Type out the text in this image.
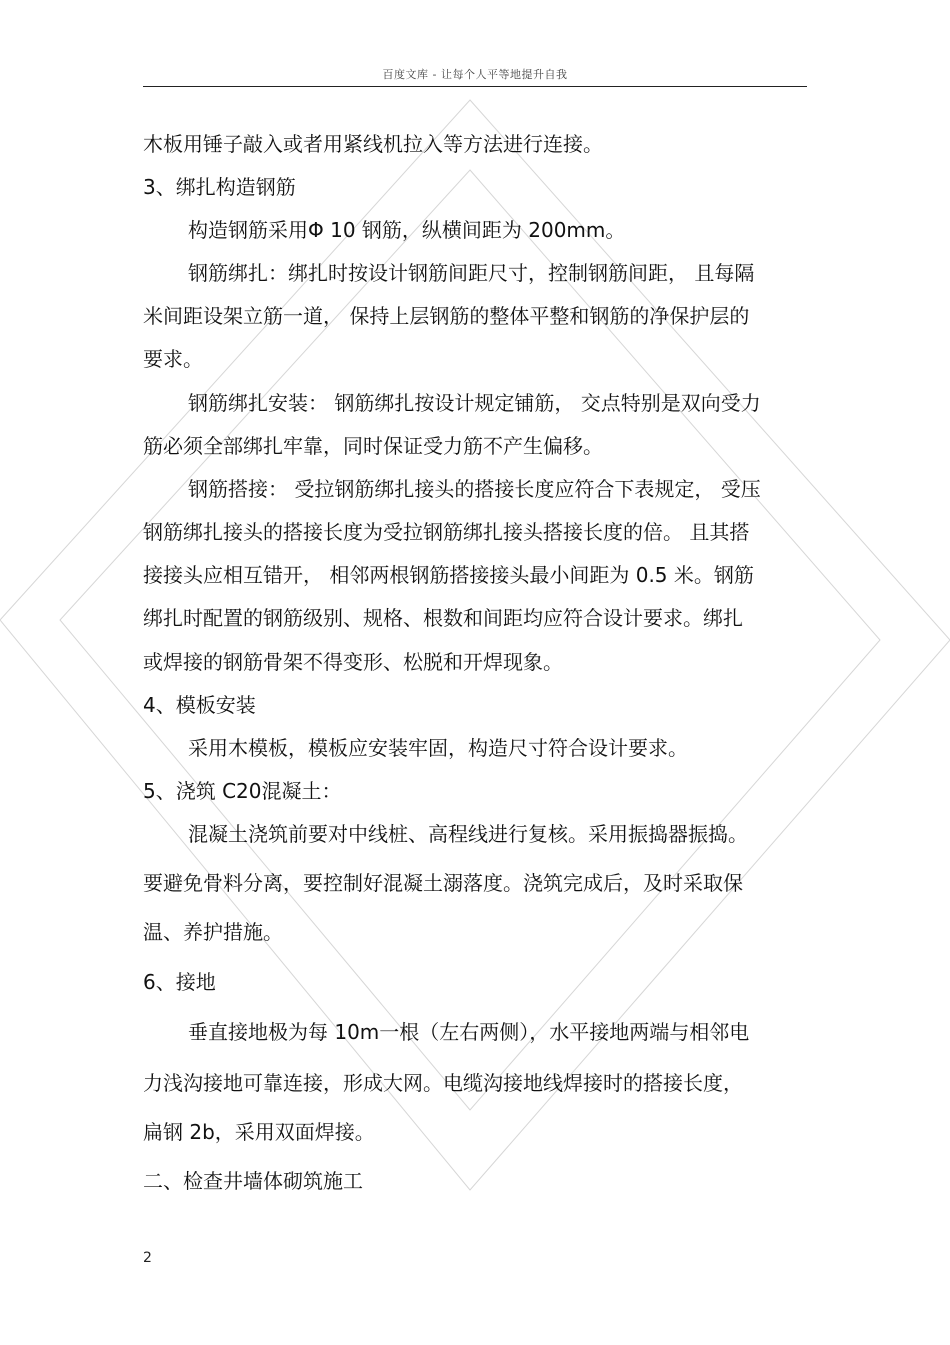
百度文库 - 让每个人平等地提升自我
木板用锤子敲入或者用紧线机拉入等方法进行连接。
3、绑扎构造钢筋
构造钢筋采用Φ 10 钢筋，纵横间距为 200mm。
钢筋绑扎：绑扎时按设计钢筋间距尺寸，控制钢筋间距， 且每隔
米间距设架立筋一道， 保持上层钢筋的整体平整和钢筋的净保护层的
要求。
钢筋绑扎安装： 钢筋绑扎按设计规定铺筋， 交点特别是双向受力
筋必须全部绑扎牢靠，同时保证受力筋不产生偏移。
钢筋搭接： 受拉钢筋绑扎接头的搭接长度应符合下表规定， 受压
钢筋绑扎接头的搭接长度为受拉钢筋绑扎接头搭接长度的倍。 且其搭
接接头应相互错开， 相邻两根钢筋搭接接头最小间距为 0.5 米。钢筋
绑扎时配置的钢筋级别、规格、根数和间距均应符合设计要求。绑扎
或焊接的钢筋骨架不得变形、松脱和开焊现象。
4、模板安装
采用木模板，模板应安装牢固，构造尺寸符合设计要求。
5、浇筑 C20混凝土：
混凝土浇筑前要对中线桩、高程线进行复核。采用振捣器振捣。
要避免骨料分离，要控制好混凝土溺落度。浇筑完成后，及时采取保
温、养护措施。
6、接地
垂直接地极为每 10m一根（左右两侧），水平接地两端与相邻电
力浅沟接地可靠连接，形成大网。电缆沟接地线焊接时的搭接长度，
扁钢 2b，采用双面焊接。
二、检查井墙体砌筑施工
2
